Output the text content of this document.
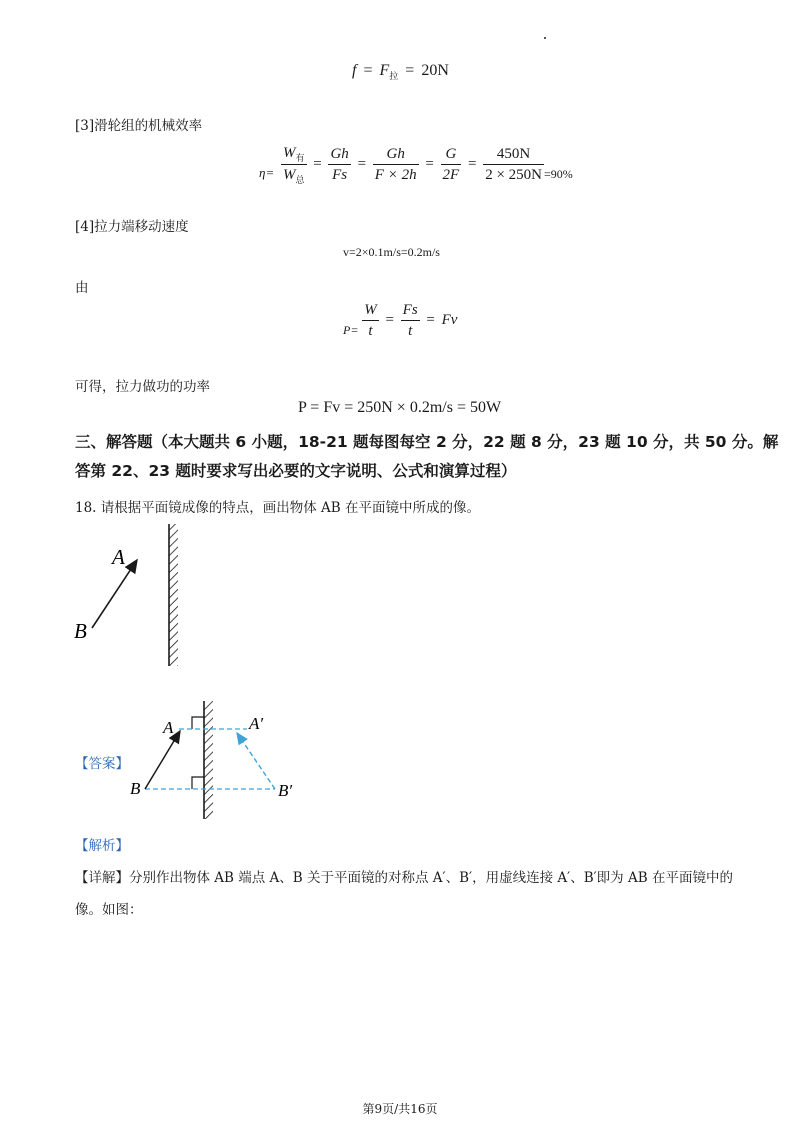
$f = F_拉 = 20N$
[3]滑轮组的机械效率
$\eta= \frac{W_有}{W_总} = \frac{Gh}{Fs} = \frac{Gh}{F \times 2h} = \frac{G}{2F} = \frac{450N}{2 \times 250N} _{=90\%}$
[4]拉力端移动速度
v=2×0.1m/s=0.2m/s
由
$_{P=} \frac{W}{t} = \frac{Fs}{t} = Fv$
可得，拉力做功的功率
P = Fv = 250N × 0.2m/s = 50W
三、解答题（本大题共 6 小题，18-21 题每图每空 2 分，22 题 8 分，23 题 10 分，共 50 分。解
答第 22、23 题时要求写出必要的文字说明、公式和演算过程）
18. 请根据平面镜成像的特点，画出物体 AB 在平面镜中所成的像。
A
B
【答案】
A
B
A′
B′
【解析】
【详解】分别作出物体 AB 端点 A、B 关于平面镜的对称点 A′、B′，用虚线连接 A′、B′即为 AB 在平面镜中的
像。如图：
第9页/共16页
